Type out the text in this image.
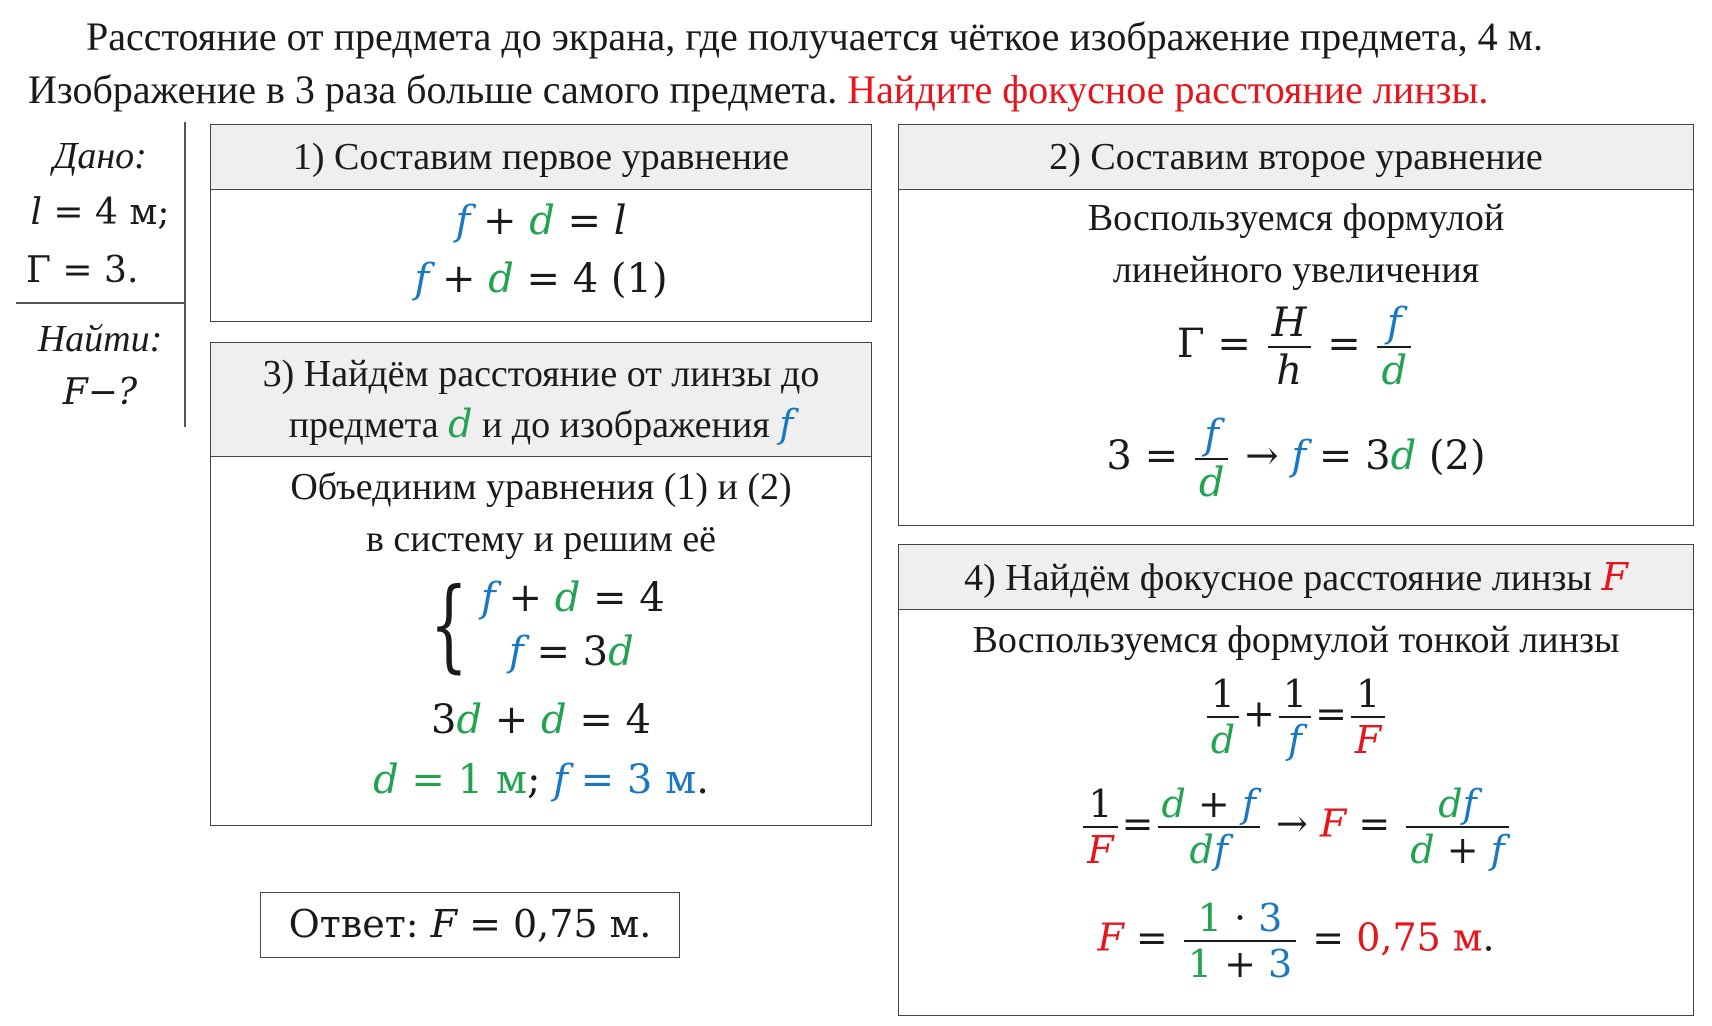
Расстояние от предмета до экрана, где получается чёткое изображение предмета, 4 м. Изображение в 3 раза больше самого предмета. Найдите фокусное расстояние линзы.
Дано:
l = 4 м;
Γ = 3.
Найти:
F−?
1) Составим первое уравнение
f + d = l
f + d = 4 (1)
2) Составим второе уравнение
Воспользуемся формулой
линейного увеличения
$\Gamma = \frac{H}{h} = \frac{f}{d}$
$3 = \frac{f}{d} \to f = 3d$ (2)
3) Найдём расстояние от линзы до
предмета d и до изображения f
Объединим уравнения (1) и (2)
в систему и решим её
{ f + d = 4
f = 3d
3d + d = 4
d = 1 м; f = 3 м.
4) Найдём фокусное расстояние линзы F
Воспользуемся формулой тонкой линзы
$\frac{1}{d} + \frac{1}{f} = \frac{1}{F}$
$\frac{1}{F} = \frac{d + f}{df} \to F = \frac{df}{d + f}$
$F = \frac{1 \cdot 3}{1 + 3} = 0,75$ м.
Ответ: F = 0,75 м.
